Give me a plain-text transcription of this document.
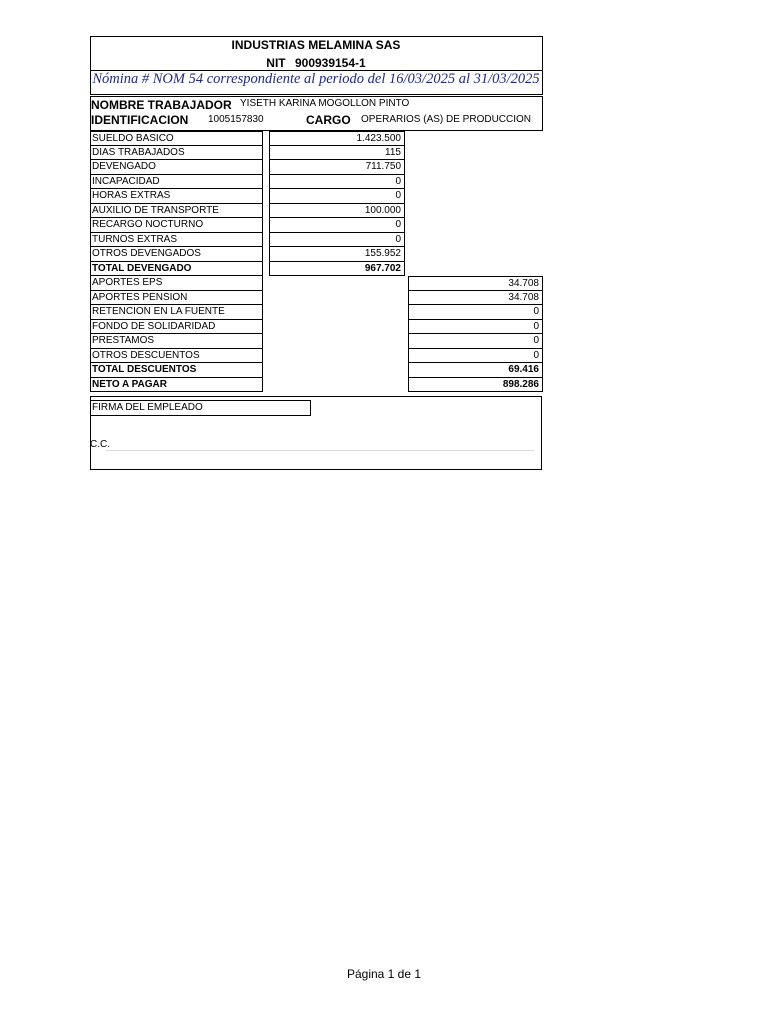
INDUSTRIAS MELAMINA SAS
NIT 900939154-1
Nómina # NOM 54 correspondiente al periodo del 16/03/2025 al 31/03/2025
NOMBRE TRABAJADOR YISETH KARINA MOGOLLON PINTO
IDENTIFICACION 1005157830	CARGO OPERARIOS (AS) DE PRODUCCION
SUELDO BASICO	1.423.500
DIAS TRABAJADOS	115
DEVENGADO	711.750
INCAPACIDAD	0
HORAS EXTRAS	0
AUXILIO DE TRANSPORTE	100.000
RECARGO NOCTURNO	0
TURNOS EXTRAS	0
OTROS DEVENGADOS	155.952
TOTAL DEVENGADO	967.702
APORTES EPS	34.708
APORTES PENSION	34.708
RETENCION EN LA FUENTE	0
FONDO DE SOLIDARIDAD	0
PRESTAMOS	0
OTROS DESCUENTOS	0
TOTAL DESCUENTOS	69.416
NETO A PAGAR	898.286
FIRMA DEL EMPLEADO
C.C.
Página 1 de 1
